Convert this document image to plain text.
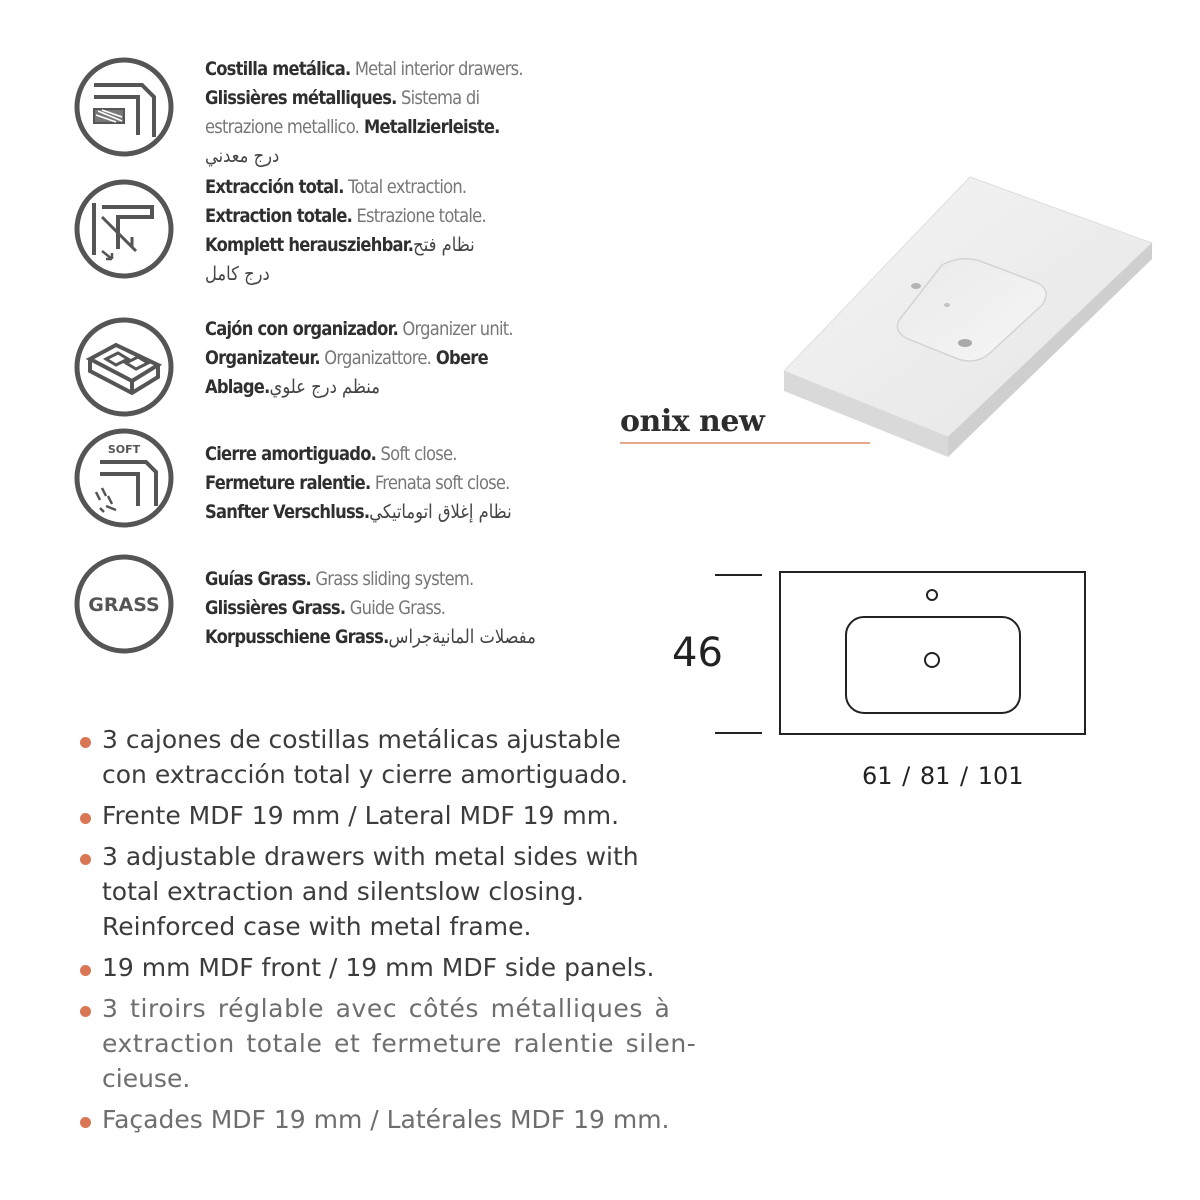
Costilla metálica. Metal interior drawers.
Glissières métalliques. Sistema di
estrazione metallico. Metallzierleiste.
درج معدني
Extracción total. Total extraction.
Extraction totale. Estrazione totale.
Komplett herausziehbar. نظام فتح
درج كامل
Cajón con organizador. Organizer unit.
Organizateur. Organizattore. Obere
Ablage. منظم درج علوي
SOFT	Cierre amortiguado. Soft close.
Fermeture ralentie. Frenata soft close.
Sanfter Verschluss. نظام إغلاق اتوماتيكي
GRASS
Guías Grass. Grass sliding system.
Glissières Grass. Guide Grass.
Korpusschiene Grass. مفصلات المانيةجراس
3 cajones de costillas metálicas ajustable
con extracción total y cierre amortiguado.
Frente MDF 19 mm / Lateral MDF 19 mm.
3 adjustable drawers with metal sides with
total extraction and silentslow closing.
Reinforced case with metal frame.
19 mm MDF front / 19 mm MDF side panels.
3 tiroirs réglable avec côtés métalliques à
extraction totale et fermeture ralentie silen-
cieuse.
Façades MDF 19 mm / Latérales MDF 19 mm.
onix new
46
61 / 81 / 101
